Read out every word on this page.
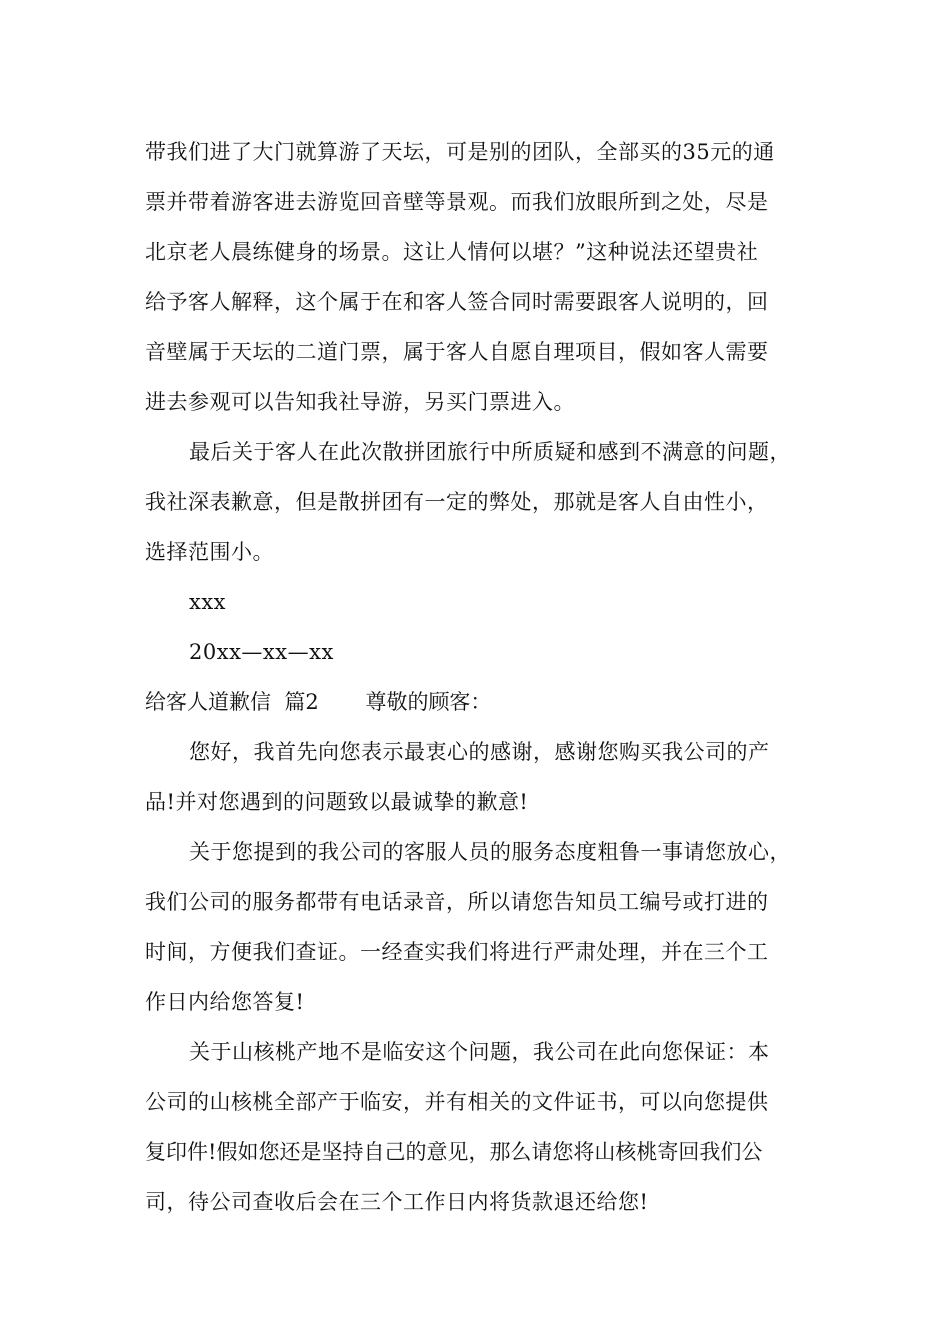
带我们进了大门就算游了天坛，可是别的团队，全部买的35元的通
票并带着游客进去游览回音壁等景观。而我们放眼所到之处，尽是
北京老人晨练健身的场景。这让人情何以堪？”这种说法还望贵社
给予客人解释，这个属于在和客人签合同时需要跟客人说明的，回
音壁属于天坛的二道门票，属于客人自愿自理项目，假如客人需要
进去参观可以告知我社导游，另买门票进入。
最后关于客人在此次散拼团旅行中所质疑和感到不满意的问题，
我社深表歉意，但是散拼团有一定的弊处，那就是客人自由性小，
选择范围小。
xxx
20xx—xx—xx
给客人道歉信  篇2       尊敬的顾客：
您好，我首先向您表示最衷心的感谢，感谢您购买我公司的产
品!并对您遇到的问题致以最诚挚的歉意!
关于您提到的我公司的客服人员的服务态度粗鲁一事请您放心，
我们公司的服务都带有电话录音，所以请您告知员工编号或打进的
时间，方便我们查证。一经查实我们将进行严肃处理，并在三个工
作日内给您答复!
关于山核桃产地不是临安这个问题，我公司在此向您保证：本
公司的山核桃全部产于临安，并有相关的文件证书，可以向您提供
复印件!假如您还是坚持自己的意见，那么请您将山核桃寄回我们公
司，待公司查收后会在三个工作日内将货款退还给您!
